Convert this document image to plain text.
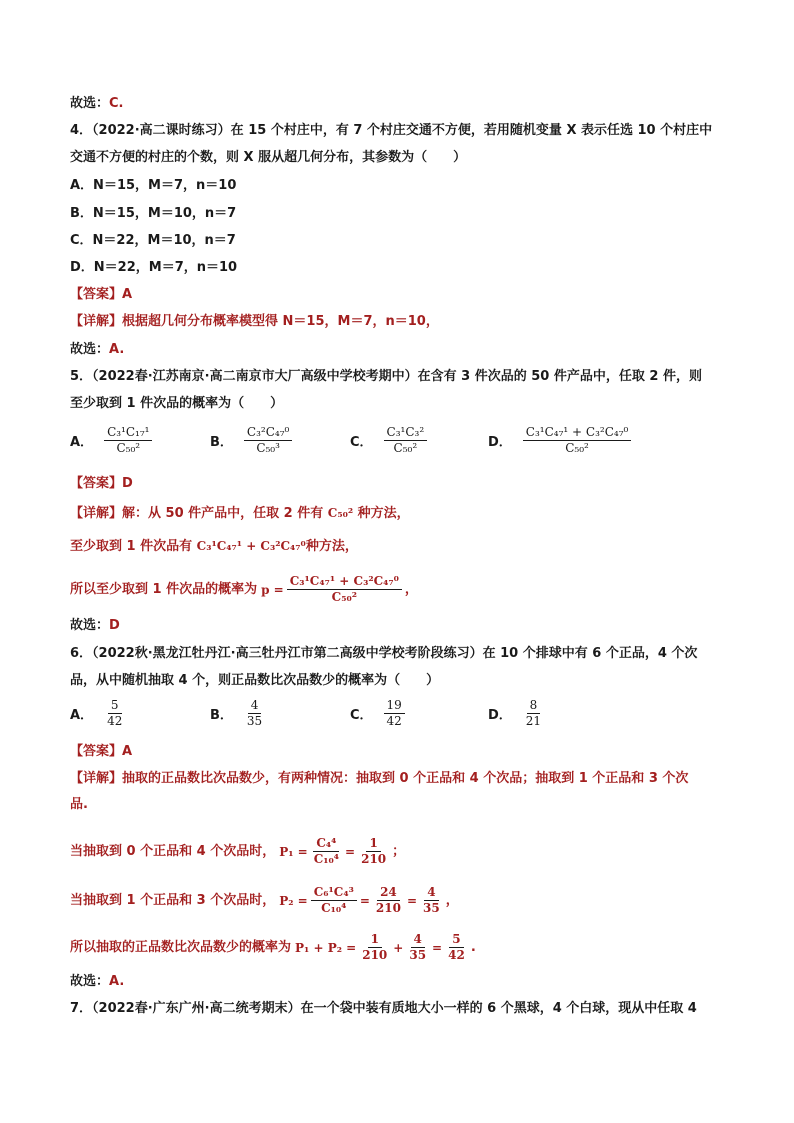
故选：C.
4．（2022·高二课时练习）在 15 个村庄中，有 7 个村庄交通不方便，若用随机变量 X 表示任选 10 个村庄中
交通不方便的村庄的个数，则 X 服从超几何分布，其参数为（　　）
A．N＝15，M＝7，n＝10
B．N＝15，M＝10，n＝7
C．N＝22，M＝10，n＝7
D．N＝22，M＝7，n＝10
【答案】A
【详解】根据超几何分布概率模型得 N＝15，M＝7，n＝10，
故选：A.
5．（2022春·江苏南京·高二南京市大厂高级中学校考期中）在含有 3 件次品的 50 件产品中，任取 2 件，则
至少取到 1 件次品的概率为（　　）
A． $\frac{\text{C₃¹C₁₇¹}}{\text{C₅₀²}}$	B． $\frac{\text{C₃²C₄₇⁰}}{\text{C₅₀³}}$	C． $\frac{\text{C₃¹C₃²}}{\text{C₅₀²}}$	D． $\frac{\text{C₃¹C₄₇¹ + C₃²C₄₇⁰}}{\text{C₅₀²}}$
【答案】D
【详解】解：从 50 件产品中，任取 2 件有 C₅₀² 种方法，
至少取到 1 件次品有 C₃¹C₄₇¹ + C₃²C₄₇⁰种方法，
所以至少取到 1 件次品的概率为 $p = \frac{\text{C₃¹C₄₇¹ + C₃²C₄₇⁰}}{\text{C₅₀²}}$ ，
故选：D
6．（2022秋·黑龙江牡丹江·高三牡丹江市第二高级中学校考阶段练习）在 10 个排球中有 6 个正品，4 个次
品，从中随机抽取 4 个，则正品数比次品数少的概率为（　　）
A． $\frac{5}{42}$	B． $\frac{4}{35}$	C． $\frac{19}{42}$	D． $\frac{8}{21}$
【答案】A
【详解】抽取的正品数比次品数少，有两种情况：抽取到 0 个正品和 4 个次品；抽取到 1 个正品和 3 个次
品.
当抽取到 0 个正品和 4 个次品时， $P_1 = \frac{\text{C₄⁴}}{\text{C₁₀⁴}} = \frac{1}{210}$ ；
当抽取到 1 个正品和 3 个次品时， $P_2 = \frac{\text{C₆¹C₄³}}{\text{C₁₀⁴}} = \frac{24}{210} = \frac{4}{35}$ ，
所以抽取的正品数比次品数少的概率为 $P_1 + P_2 = \frac{1}{210} + \frac{4}{35} = \frac{5}{42}$ .
故选：A.
7．（2022春·广东广州·高二统考期末）在一个袋中装有质地大小一样的 6 个黑球，4 个白球，现从中任取 4
